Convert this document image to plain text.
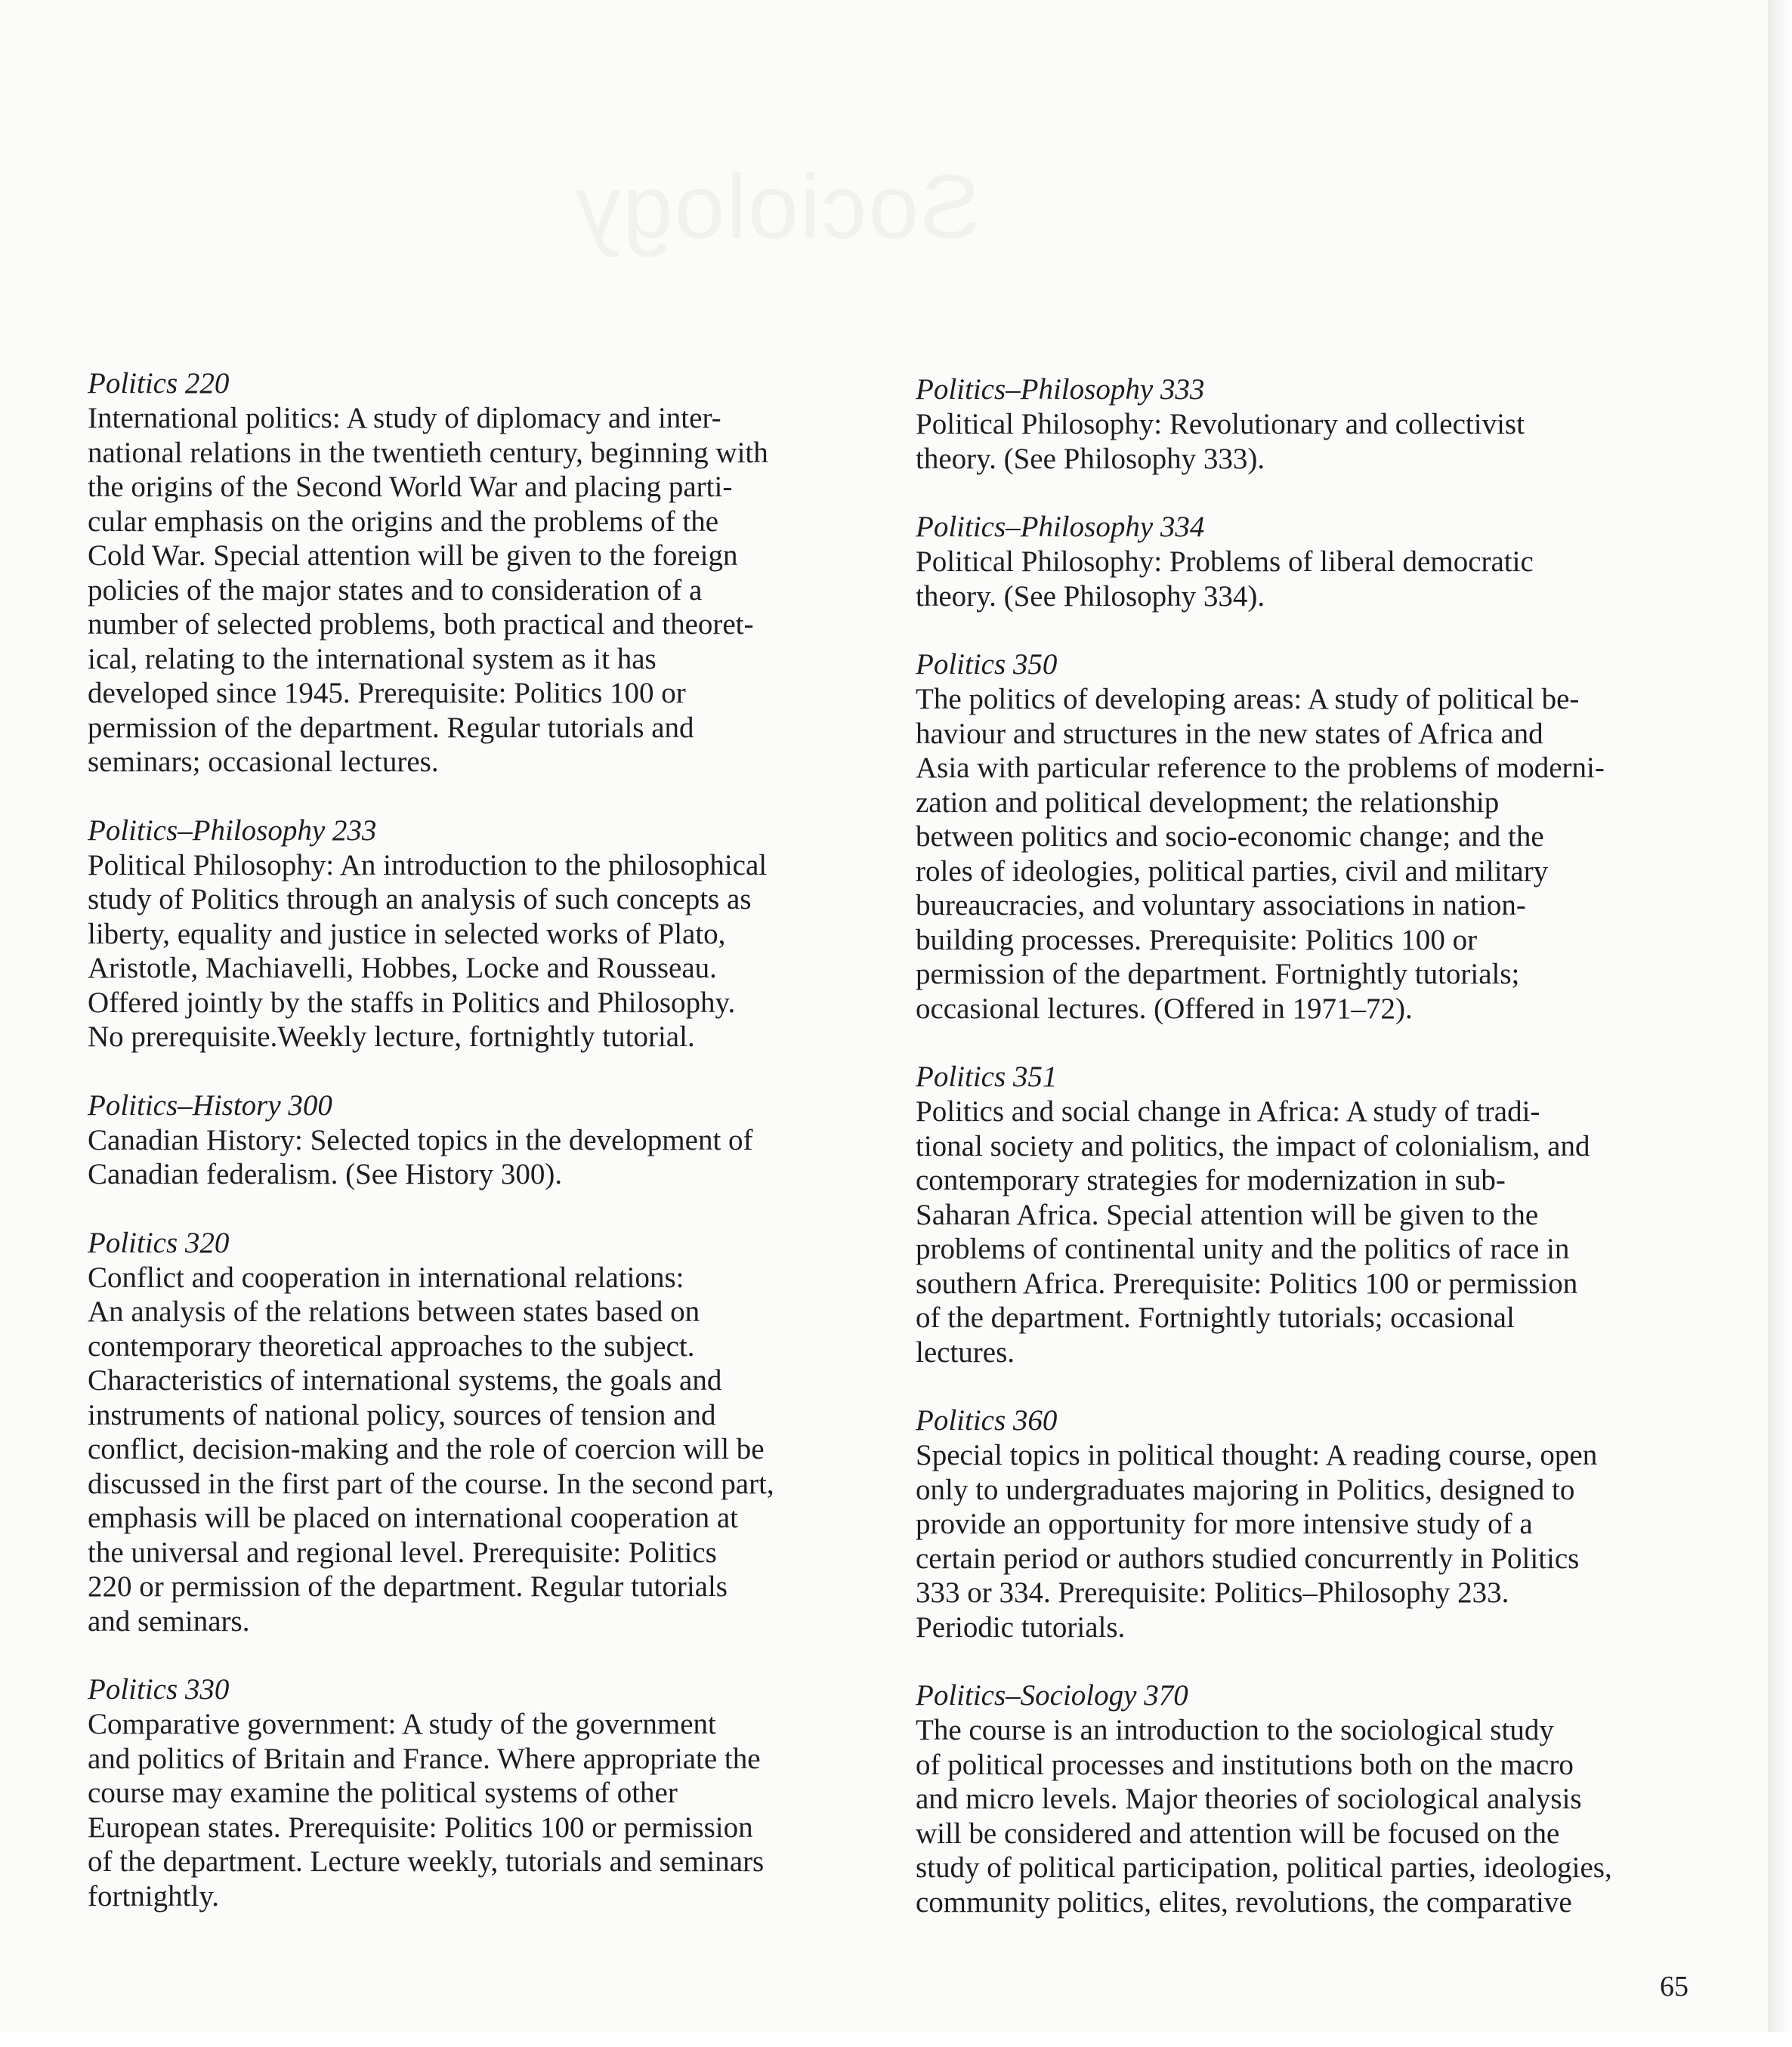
Sociology

Politics 220

International politics: A study of diplomacy and inter-
national relations in the twentieth century, beginning with
the origins of the Second World War and placing parti-
cular emphasis on the origins and the problems of the
Cold War. Special attention will be given to the foreign
policies of the major states and to consideration of a
number of selected problems, both practical and theoret-
ical, relating to the international system as it has
developed since 1945. Prerequisite: Politics 100 or
permission of the department. Regular tutorials and
seminars; occasional lectures.

Politics–Philosophy 233

Political Philosophy: An introduction to the philosophical
study of Politics through an analysis of such concepts as
liberty, equality and justice in selected works of Plato,
Aristotle, Machiavelli, Hobbes, Locke and Rousseau.
Offered jointly by the staffs in Politics and Philosophy.
No prerequisite.Weekly lecture, fortnightly tutorial.

Politics–History 300

Canadian History: Selected topics in the development of
Canadian federalism. (See History 300).

Politics 320

Conflict and cooperation in international relations:
An analysis of the relations between states based on
contemporary theoretical approaches to the subject.
Characteristics of international systems, the goals and
instruments of national policy, sources of tension and
conflict, decision-making and the role of coercion will be
discussed in the first part of the course. In the second part,
emphasis will be placed on international cooperation at
the universal and regional level. Prerequisite: Politics
220 or permission of the department. Regular tutorials
and seminars.

Politics 330

Comparative government: A study of the government
and politics of Britain and France. Where appropriate the
course may examine the political systems of other
European states. Prerequisite: Politics 100 or permission
of the department. Lecture weekly, tutorials and seminars
fortnightly.

Politics–Philosophy 333

Political Philosophy: Revolutionary and collectivist
theory. (See Philosophy 333).

Politics–Philosophy 334

Political Philosophy: Problems of liberal democratic
theory. (See Philosophy 334).

Politics 350

The politics of developing areas: A study of political be-
haviour and structures in the new states of Africa and
Asia with particular reference to the problems of moderni-
zation and political development; the relationship
between politics and socio-economic change; and the
roles of ideologies, political parties, civil and military
bureaucracies, and voluntary associations in nation-
building processes. Prerequisite: Politics 100 or
permission of the department. Fortnightly tutorials;
occasional lectures. (Offered in 1971–72).

Politics 351

Politics and social change in Africa: A study of tradi-
tional society and politics, the impact of colonialism, and
contemporary strategies for modernization in sub-
Saharan Africa. Special attention will be given to the
problems of continental unity and the politics of race in
southern Africa. Prerequisite: Politics 100 or permission
of the department. Fortnightly tutorials; occasional
lectures.

Politics 360

Special topics in political thought: A reading course, open
only to undergraduates majoring in Politics, designed to
provide an opportunity for more intensive study of a
certain period or authors studied concurrently in Politics
333 or 334. Prerequisite: Politics–Philosophy 233.
Periodic tutorials.

Politics–Sociology 370

The course is an introduction to the sociological study
of political processes and institutions both on the macro
and micro levels. Major theories of sociological analysis
will be considered and attention will be focused on the
study of political participation, political parties, ideologies,
community politics, elites, revolutions, the comparative

65
